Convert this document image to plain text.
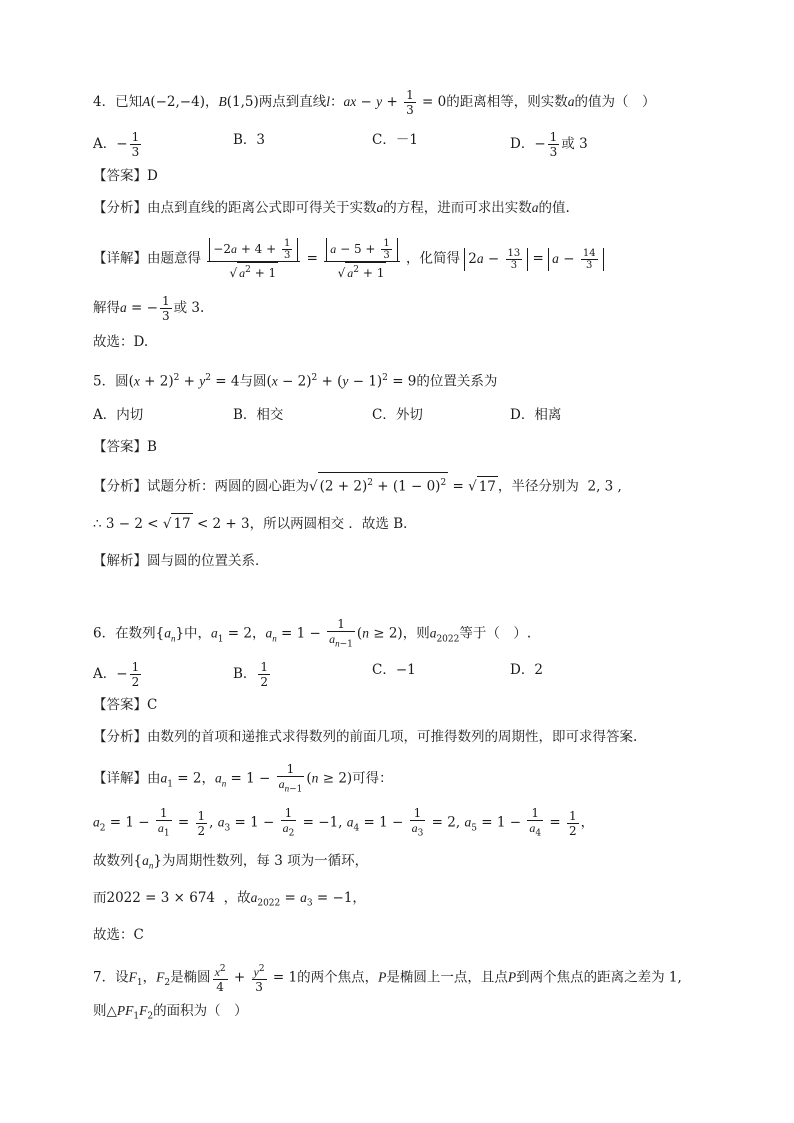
4．已知A(−2,−4)，B(1,5)两点到直线l：ax − $y + \frac{1}{3} = 0$的距离相等，则实数a的值为（　）
A．− $\frac{1}{3}$	B．3	C．－1	D．− $\frac{1}{3}$ 或 3
【答案】D
【分析】由点到直线的距离公式即可得关于实数a的方程，进而可求出实数a的值.
【详解】由题意得 $\frac{-2a + 4 + \frac{1}{3}}{√ a^2 + 1} = \frac{a - 5 + \frac{1}{3}}{√ a^2 + 1}$ ，化简得 $2a - \frac{13}{3} = a - \frac{14}{3}$
解得a = − $\frac{1}{3}$ 或 3.
故选：D.
5．圆$(x + 2)^2 + y^2 = 4$与圆$(x - 2)^2 + (y - 1)^2 = 9$的位置关系为
A．内切	B．相交	C．外切	D．相离
【答案】B
【分析】试题分析：两圆的圆心距为√ $(2 + 2)^2 + (1 - 0)^2$ = √ 17 ，半径分别为 2, 3 ,
∴ 3 − 2 < √ 17 < 2 + 3，所以两圆相交 ．故选 B．
【解析】圆与圆的位置关系．
6．在数列$\{a_n\}$中，$a_1 = 2$，$a_n = 1 - \frac{1}{a_{n-1}} (n \ge 2)$，则$a_{2022}$等于（　）.
A．− $\frac{1}{2}$	B． $\frac{1}{2}$	C．−1	D．2
【答案】C
【分析】由数列的首项和递推式求得数列的前面几项，可推得数列的周期性，即可求得答案.
【详解】由$a_1 = 2$，$a_n = 1 - \frac{1}{a_{n-1}} (n \ge 2)$可得：
$a_2 = 1 - \frac{1}{a_1} = \frac{1}{2}$ , $a_3 = 1 - \frac{1}{a_2} = -1$, $a_4 = 1 - \frac{1}{a_3} = 2$, $a_5 = 1 - \frac{1}{a_4} = \frac{1}{2}$ ，
故数列$\{a_n\}$为周期性数列，每 3 项为一循环，
而2022 = 3 × 674  ，故$a_{2022} = a_3 = -1$，
故选：C
7．设$F_1$，$F_2$是椭圆 $\frac{x^2}{4} + \frac{y^2}{3} = 1$的两个焦点，P是椭圆上一点，且点P到两个焦点的距离之差为 1,
则$\triangle PF_1F_2$的面积为（　）
